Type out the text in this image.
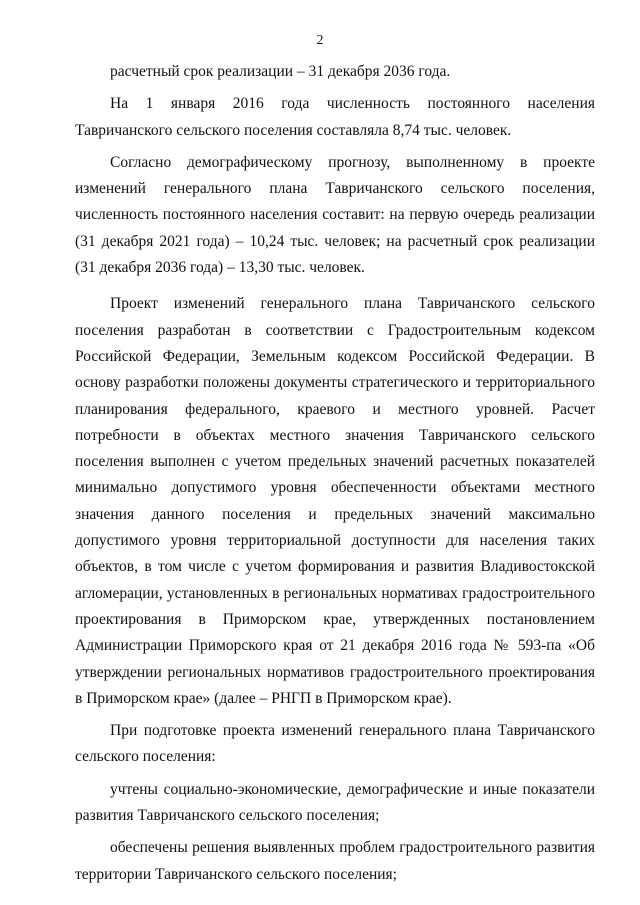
2

расчетный срок реализации – 31 декабря 2036 года.

На 1 января 2016 года численность постоянного населения Тавричанского сельского поселения составляла 8,74 тыс. человек.

Согласно демографическому прогнозу, выполненному в проекте изменений генерального плана Тавричанского сельского поселения, численность постоянного населения составит: на первую очередь реализации (31 декабря 2021 года) – 10,24 тыс. человек; на расчетный срок реализации (31 декабря 2036 года) – 13,30 тыс. человек.

Проект изменений генерального плана Тавричанского сельского поселения разработан в соответствии с Градостроительным кодексом Российской Федерации, Земельным кодексом Российской Федерации. В основу разработки положены документы стратегического и территориального планирования федерального, краевого и местного уровней. Расчет потребности в объектах местного значения Тавричанского сельского поселения выполнен с учетом предельных значений расчетных показателей минимально допустимого уровня обеспеченности объектами местного значения данного поселения и предельных значений максимально допустимого уровня территориальной доступности для населения таких объектов, в том числе с учетом формирования и развития Владивостокской агломерации, установленных в региональных нормативах градостроительного проектирования в Приморском крае, утвержденных постановлением Администрации Приморского края от 21 декабря 2016 года № 593-па «Об утверждении региональных нормативов градостроительного проектирования в Приморском крае» (далее – РНГП в Приморском крае).

При подготовке проекта изменений генерального плана Тавричанского сельского поселения:

учтены социально-экономические, демографические и иные показатели развития Тавричанского сельского поселения;

обеспечены решения выявленных проблем градостроительного развития территории Тавричанского сельского поселения;
